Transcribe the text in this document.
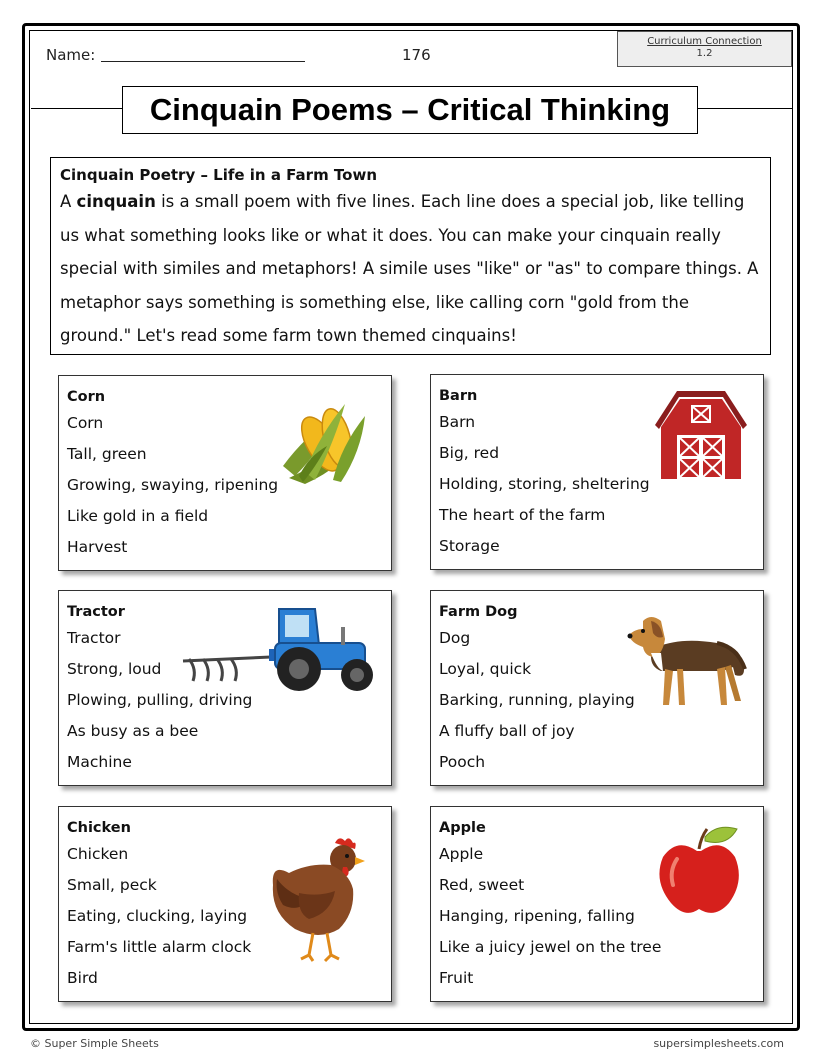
Name:	176
Curriculum Connection
1.2
Cinquain Poems – Critical Thinking
Cinquain Poetry – Life in a Farm Town
A cinquain is a small poem with five lines. Each line does a special job, like telling us what something looks like or what it does. You can make your cinquain really special with similes and metaphors! A simile uses "like" or "as" to compare things. A metaphor says something is something else, like calling corn "gold from the ground." Let's read some farm town themed cinquains!
Corn
Corn
Tall, green
Growing, swaying, ripening
Like gold in a field
Harvest
Barn
Barn
Big, red
Holding, storing, sheltering
The heart of the farm
Storage
Tractor
Tractor
Strong, loud
Plowing, pulling, driving
As busy as a bee
Machine
Farm Dog
Dog
Loyal, quick
Barking, running, playing
A fluffy ball of joy
Pooch
Chicken
Chicken
Small, peck
Eating, clucking, laying
Farm's little alarm clock
Bird
Apple
Apple
Red, sweet
Hanging, ripening, falling
Like a juicy jewel on the tree
Fruit
© Super Simple Sheets	supersimplesheets.com
